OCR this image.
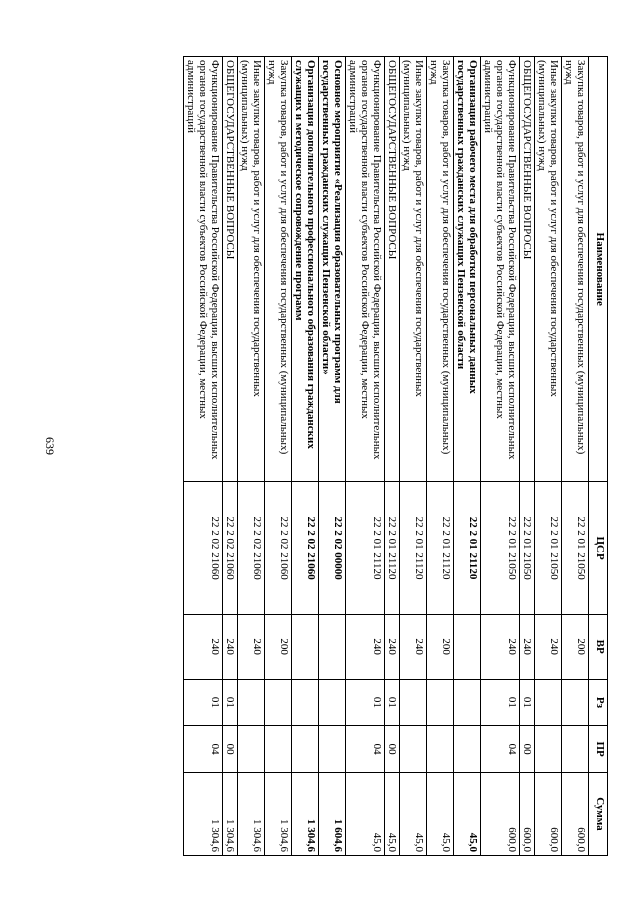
639
Наименование	ЦСР	ВР	Рз	ПР	Сумма
Закупка товаров, работ и услуг для обеспечения государственных (муниципальных) нужд	22 2 01 21050	200			600,0
Иные закупки товаров, работ и услуг для обеспечения государственных (муниципальных) нужд	22 2 01 21050	240			600,0
ОБЩЕГОСУДАРСТВЕННЫЕ ВОПРОСЫ	22 2 01 21050	240	01	00	600,0
Функционирование Правительства Российской Федерации, высших исполнительных органов государственной власти субъектов Российской Федерации, местных администраций	22 2 01 21050	240	01	04	600,0
Организация рабочего места для обработки персональных данных государственных гражданских служащих Пензенской области	22 2 01 21120				45,0
Закупка товаров, работ и услуг для обеспечения государственных (муниципальных) нужд	22 2 01 21120	200			45,0
Иные закупки товаров, работ и услуг для обеспечения государственных (муниципальных) нужд	22 2 01 21120	240			45,0
ОБЩЕГОСУДАРСТВЕННЫЕ ВОПРОСЫ	22 2 01 21120	240	01	00	45,0
Функционирование Правительства Российской Федерации, высших исполнительных органов государственной власти субъектов Российской Федерации, местных администраций	22 2 01 21120	240	01	04	45,0
Основное мероприятие «Реализация образовательных программ для государственных гражданских служащих Пензенской области»	22 2 02 00000				1 604,6
Организация дополнительного профессионального образования гражданских служащих и методическое сопровождение программ	22 2 02 21060				1 304,6
Закупка товаров, работ и услуг для обеспечения государственных (муниципальных) нужд	22 2 02 21060	200			1 304,6
Иные закупки товаров, работ и услуг для обеспечения государственных (муниципальных) нужд	22 2 02 21060	240			1 304,6
ОБЩЕГОСУДАРСТВЕННЫЕ ВОПРОСЫ	22 2 02 21060	240	01	00	1 304,6
Функционирование Правительства Российской Федерации, высших исполнительных органов государственной власти субъектов Российской Федерации, местных администраций	22 2 02 21060	240	01	04	1 304,6
